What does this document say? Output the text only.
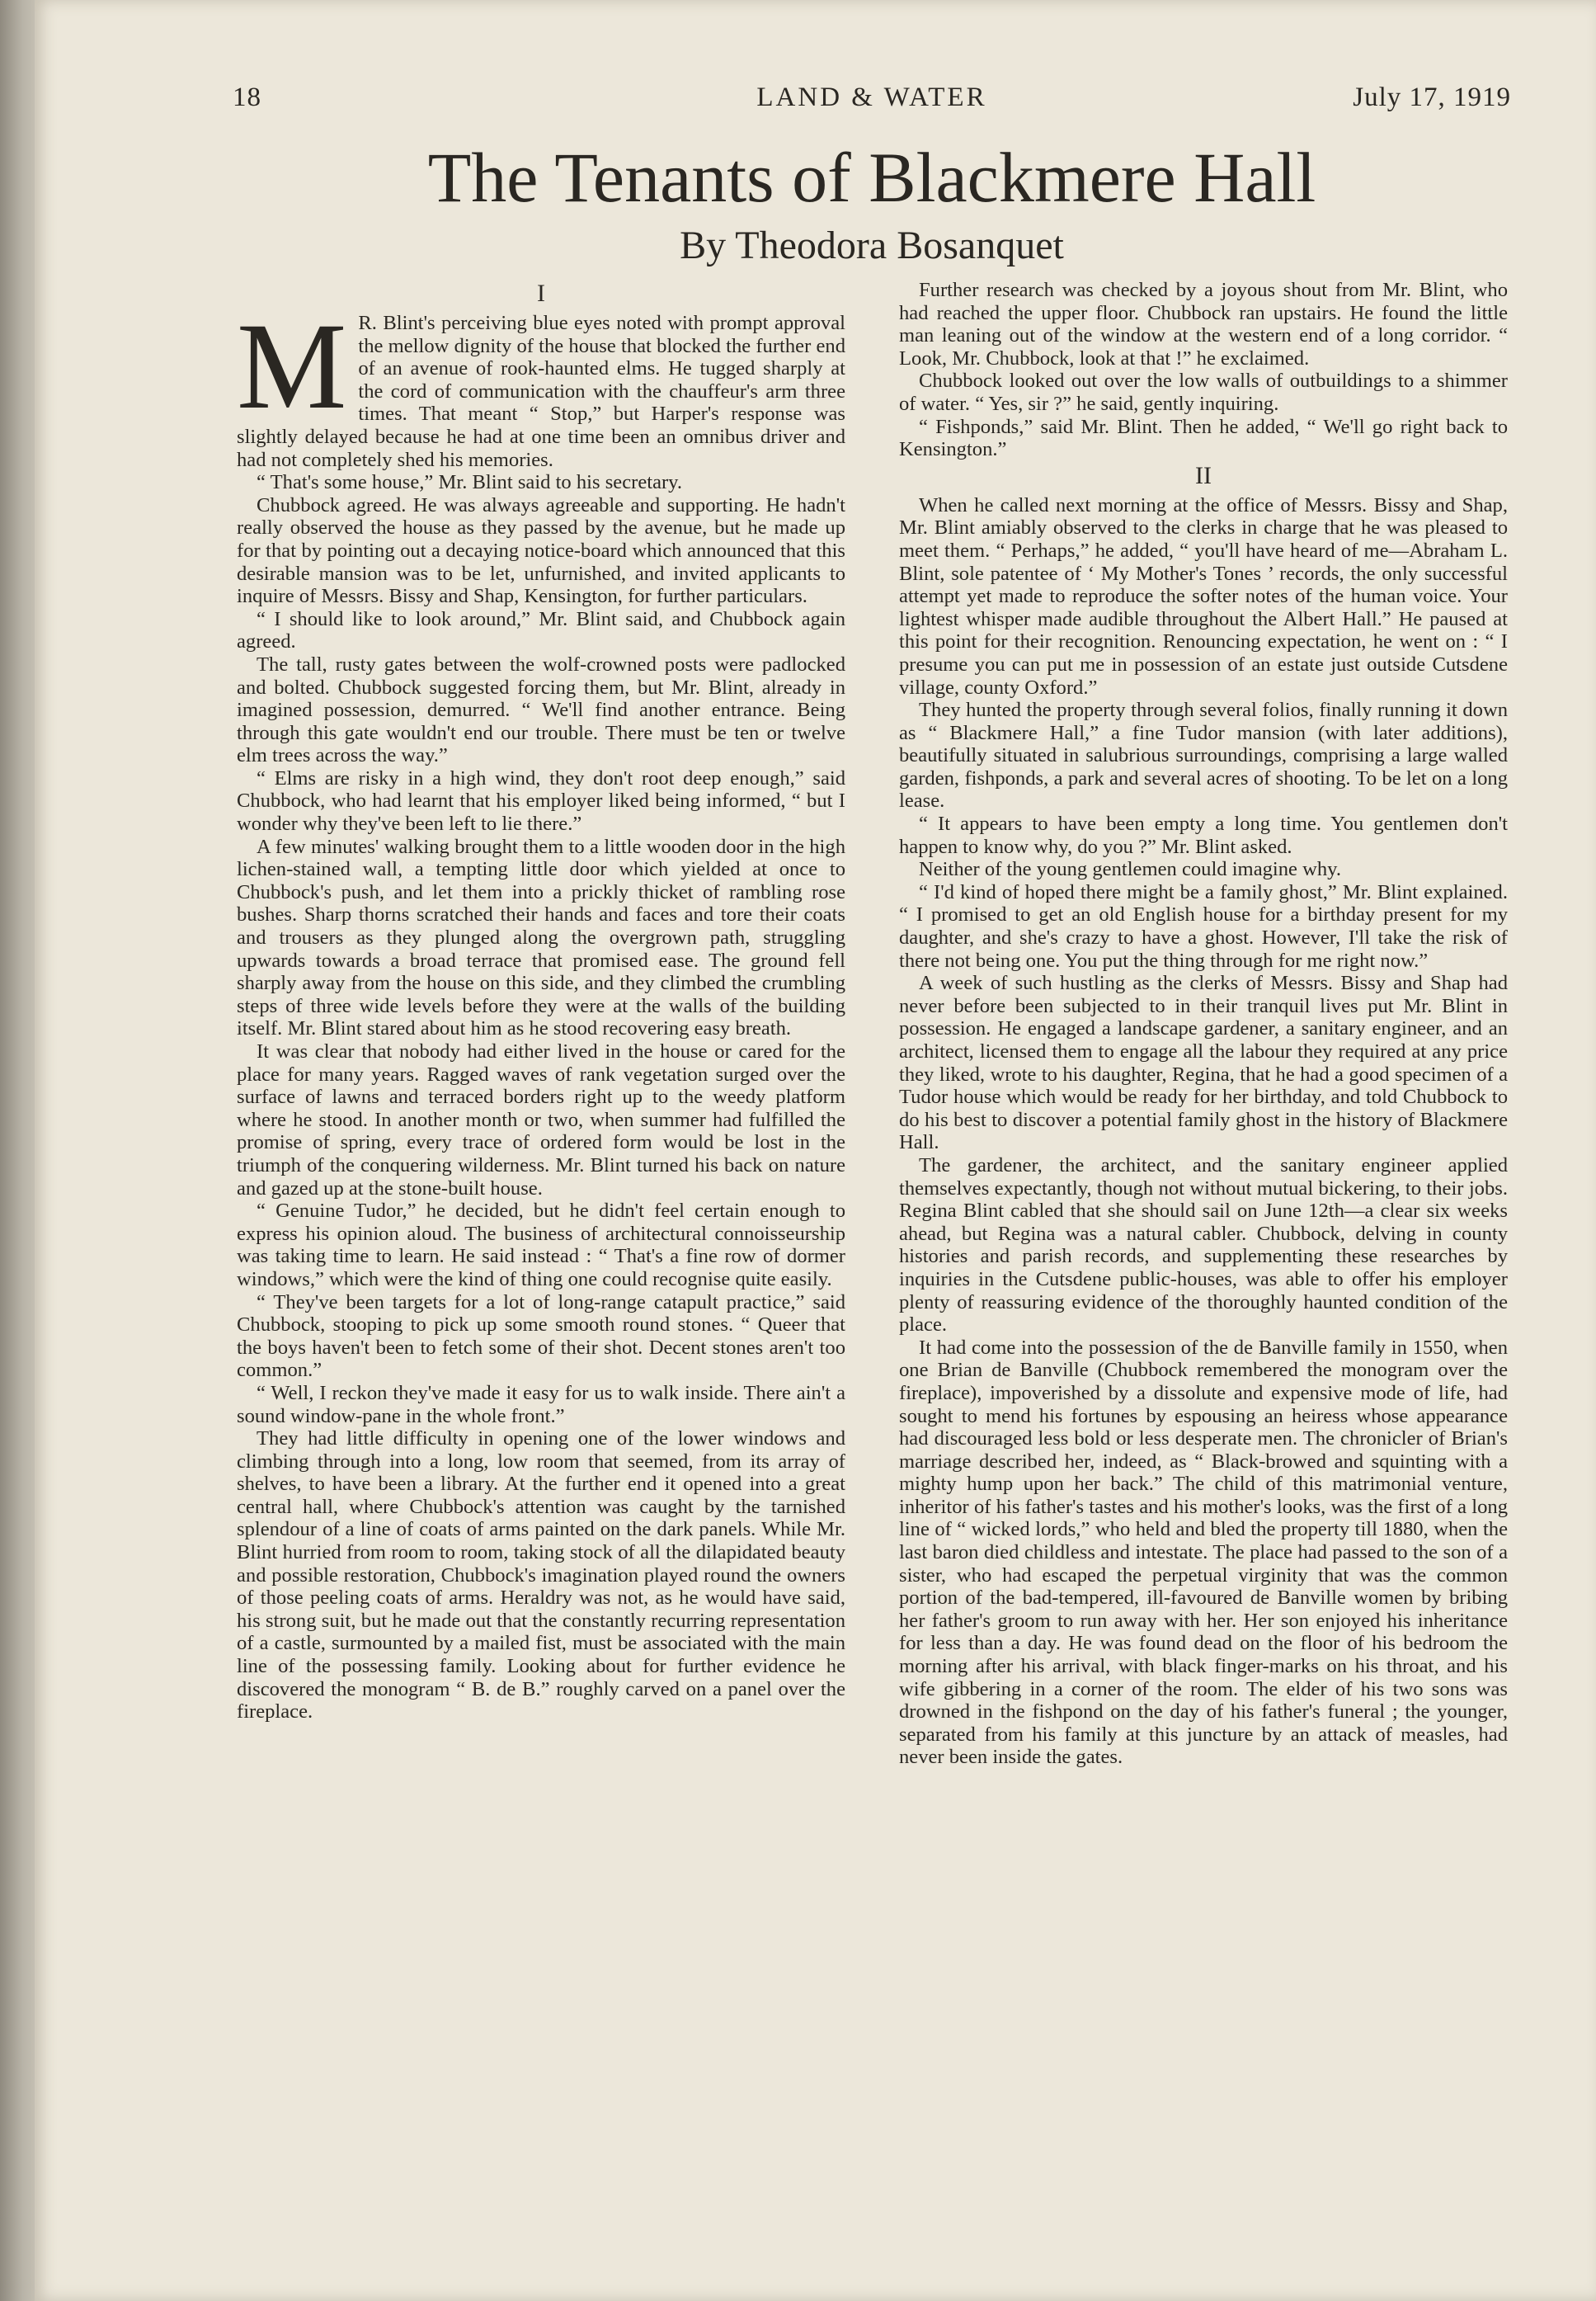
18	LAND & WATER	July 17, 1919
The Tenants of Blackmere Hall
By Theodora Bosanquet
I

M R. Blint's perceiving blue eyes noted with prompt approval the mellow dignity of the house that blocked the further end of an avenue of rook-haunted elms. He tugged sharply at the cord of communication with the chauffeur's arm three times. That meant “ Stop,” but Harper's response was slightly delayed because he had at one time been an omnibus driver and had not completely shed his memories.

“ That's some house,” Mr. Blint said to his secretary.

Chubbock agreed. He was always agreeable and supporting. He hadn't really observed the house as they passed by the avenue, but he made up for that by pointing out a decaying notice-board which announced that this desirable mansion was to be let, unfurnished, and invited applicants to inquire of Messrs. Bissy and Shap, Kensington, for further particulars.

“ I should like to look around,” Mr. Blint said, and Chubbock again agreed.

The tall, rusty gates between the wolf-crowned posts were padlocked and bolted. Chubbock suggested forcing them, but Mr. Blint, already in imagined possession, demurred. “ We'll find another entrance. Being through this gate wouldn't end our trouble. There must be ten or twelve elm trees across the way.”

“ Elms are risky in a high wind, they don't root deep enough,” said Chubbock, who had learnt that his employer liked being informed, “ but I wonder why they've been left to lie there.”

A few minutes' walking brought them to a little wooden door in the high lichen-stained wall, a tempting little door which yielded at once to Chubbock's push, and let them into a prickly thicket of rambling rose bushes. Sharp thorns scratched their hands and faces and tore their coats and trousers as they plunged along the overgrown path, struggling upwards towards a broad terrace that promised ease. The ground fell sharply away from the house on this side, and they climbed the crumbling steps of three wide levels before they were at the walls of the building itself. Mr. Blint stared about him as he stood recovering easy breath.

It was clear that nobody had either lived in the house or cared for the place for many years. Ragged waves of rank vegetation surged over the surface of lawns and terraced borders right up to the weedy platform where he stood. In another month or two, when summer had fulfilled the promise of spring, every trace of ordered form would be lost in the triumph of the conquering wilderness. Mr. Blint turned his back on nature and gazed up at the stone-built house.

“ Genuine Tudor,” he decided, but he didn't feel certain enough to express his opinion aloud. The business of architectural connoisseurship was taking time to learn. He said instead : “ That's a fine row of dormer windows,” which were the kind of thing one could recognise quite easily.

“ They've been targets for a lot of long-range catapult practice,” said Chubbock, stooping to pick up some smooth round stones. “ Queer that the boys haven't been to fetch some of their shot. Decent stones aren't too common.”

“ Well, I reckon they've made it easy for us to walk inside. There ain't a sound window-pane in the whole front.”

They had little difficulty in opening one of the lower windows and climbing through into a long, low room that seemed, from its array of shelves, to have been a library. At the further end it opened into a great central hall, where Chubbock's attention was caught by the tarnished splendour of a line of coats of arms painted on the dark panels. While Mr. Blint hurried from room to room, taking stock of all the dilapidated beauty and possible restoration, Chubbock's imagination played round the owners of those peeling coats of arms. Heraldry was not, as he would have said, his strong suit, but he made out that the constantly recurring representation of a castle, surmounted by a mailed fist, must be associated with the main line of the possessing family. Looking about for further evidence he discovered the monogram “ B. de B.” roughly carved on a panel over the fireplace.

Further research was checked by a joyous shout from Mr. Blint, who had reached the upper floor. Chubbock ran upstairs. He found the little man leaning out of the window at the western end of a long corridor. “ Look, Mr. Chubbock, look at that !” he exclaimed.

Chubbock looked out over the low walls of outbuildings to a shimmer of water. “ Yes, sir ?” he said, gently inquiring.

“ Fishponds,” said Mr. Blint. Then he added, “ We'll go right back to Kensington.”

II

When he called next morning at the office of Messrs. Bissy and Shap, Mr. Blint amiably observed to the clerks in charge that he was pleased to meet them. “ Perhaps,” he added, “ you'll have heard of me—Abraham L. Blint, sole patentee of ‘ My Mother's Tones ’ records, the only successful attempt yet made to reproduce the softer notes of the human voice. Your lightest whisper made audible throughout the Albert Hall.” He paused at this point for their recognition. Renouncing expectation, he went on : “ I presume you can put me in possession of an estate just outside Cutsdene village, county Oxford.”

They hunted the property through several folios, finally running it down as “ Blackmere Hall,” a fine Tudor mansion (with later additions), beautifully situated in salubrious surroundings, comprising a large walled garden, fishponds, a park and several acres of shooting. To be let on a long lease.

“ It appears to have been empty a long time. You gentlemen don't happen to know why, do you ?” Mr. Blint asked.

Neither of the young gentlemen could imagine why.

“ I'd kind of hoped there might be a family ghost,” Mr. Blint explained. “ I promised to get an old English house for a birthday present for my daughter, and she's crazy to have a ghost. However, I'll take the risk of there not being one. You put the thing through for me right now.”

A week of such hustling as the clerks of Messrs. Bissy and Shap had never before been subjected to in their tranquil lives put Mr. Blint in possession. He engaged a landscape gardener, a sanitary engineer, and an architect, licensed them to engage all the labour they required at any price they liked, wrote to his daughter, Regina, that he had a good specimen of a Tudor house which would be ready for her birthday, and told Chubbock to do his best to discover a potential family ghost in the history of Blackmere Hall.

The gardener, the architect, and the sanitary engineer applied themselves expectantly, though not without mutual bickering, to their jobs. Regina Blint cabled that she should sail on June 12th—a clear six weeks ahead, but Regina was a natural cabler. Chubbock, delving in county histories and parish records, and supplementing these researches by inquiries in the Cutsdene public-houses, was able to offer his employer plenty of reassuring evidence of the thoroughly haunted condition of the place.

It had come into the possession of the de Banville family in 1550, when one Brian de Banville (Chubbock remembered the monogram over the fireplace), impoverished by a dissolute and expensive mode of life, had sought to mend his fortunes by espousing an heiress whose appearance had discouraged less bold or less desperate men. The chronicler of Brian's marriage described her, indeed, as “ Black-browed and squinting with a mighty hump upon her back.” The child of this matrimonial venture, inheritor of his father's tastes and his mother's looks, was the first of a long line of “ wicked lords,” who held and bled the property till 1880, when the last baron died childless and intestate. The place had passed to the son of a sister, who had escaped the perpetual virginity that was the common portion of the bad-tempered, ill-favoured de Banville women by bribing her father's groom to run away with her. Her son enjoyed his inheritance for less than a day. He was found dead on the floor of his bedroom the morning after his arrival, with black finger-marks on his throat, and his wife gibbering in a corner of the room. The elder of his two sons was drowned in the fishpond on the day of his father's funeral ; the younger, separated from his family at this juncture by an attack of measles, had never been inside the gates.
